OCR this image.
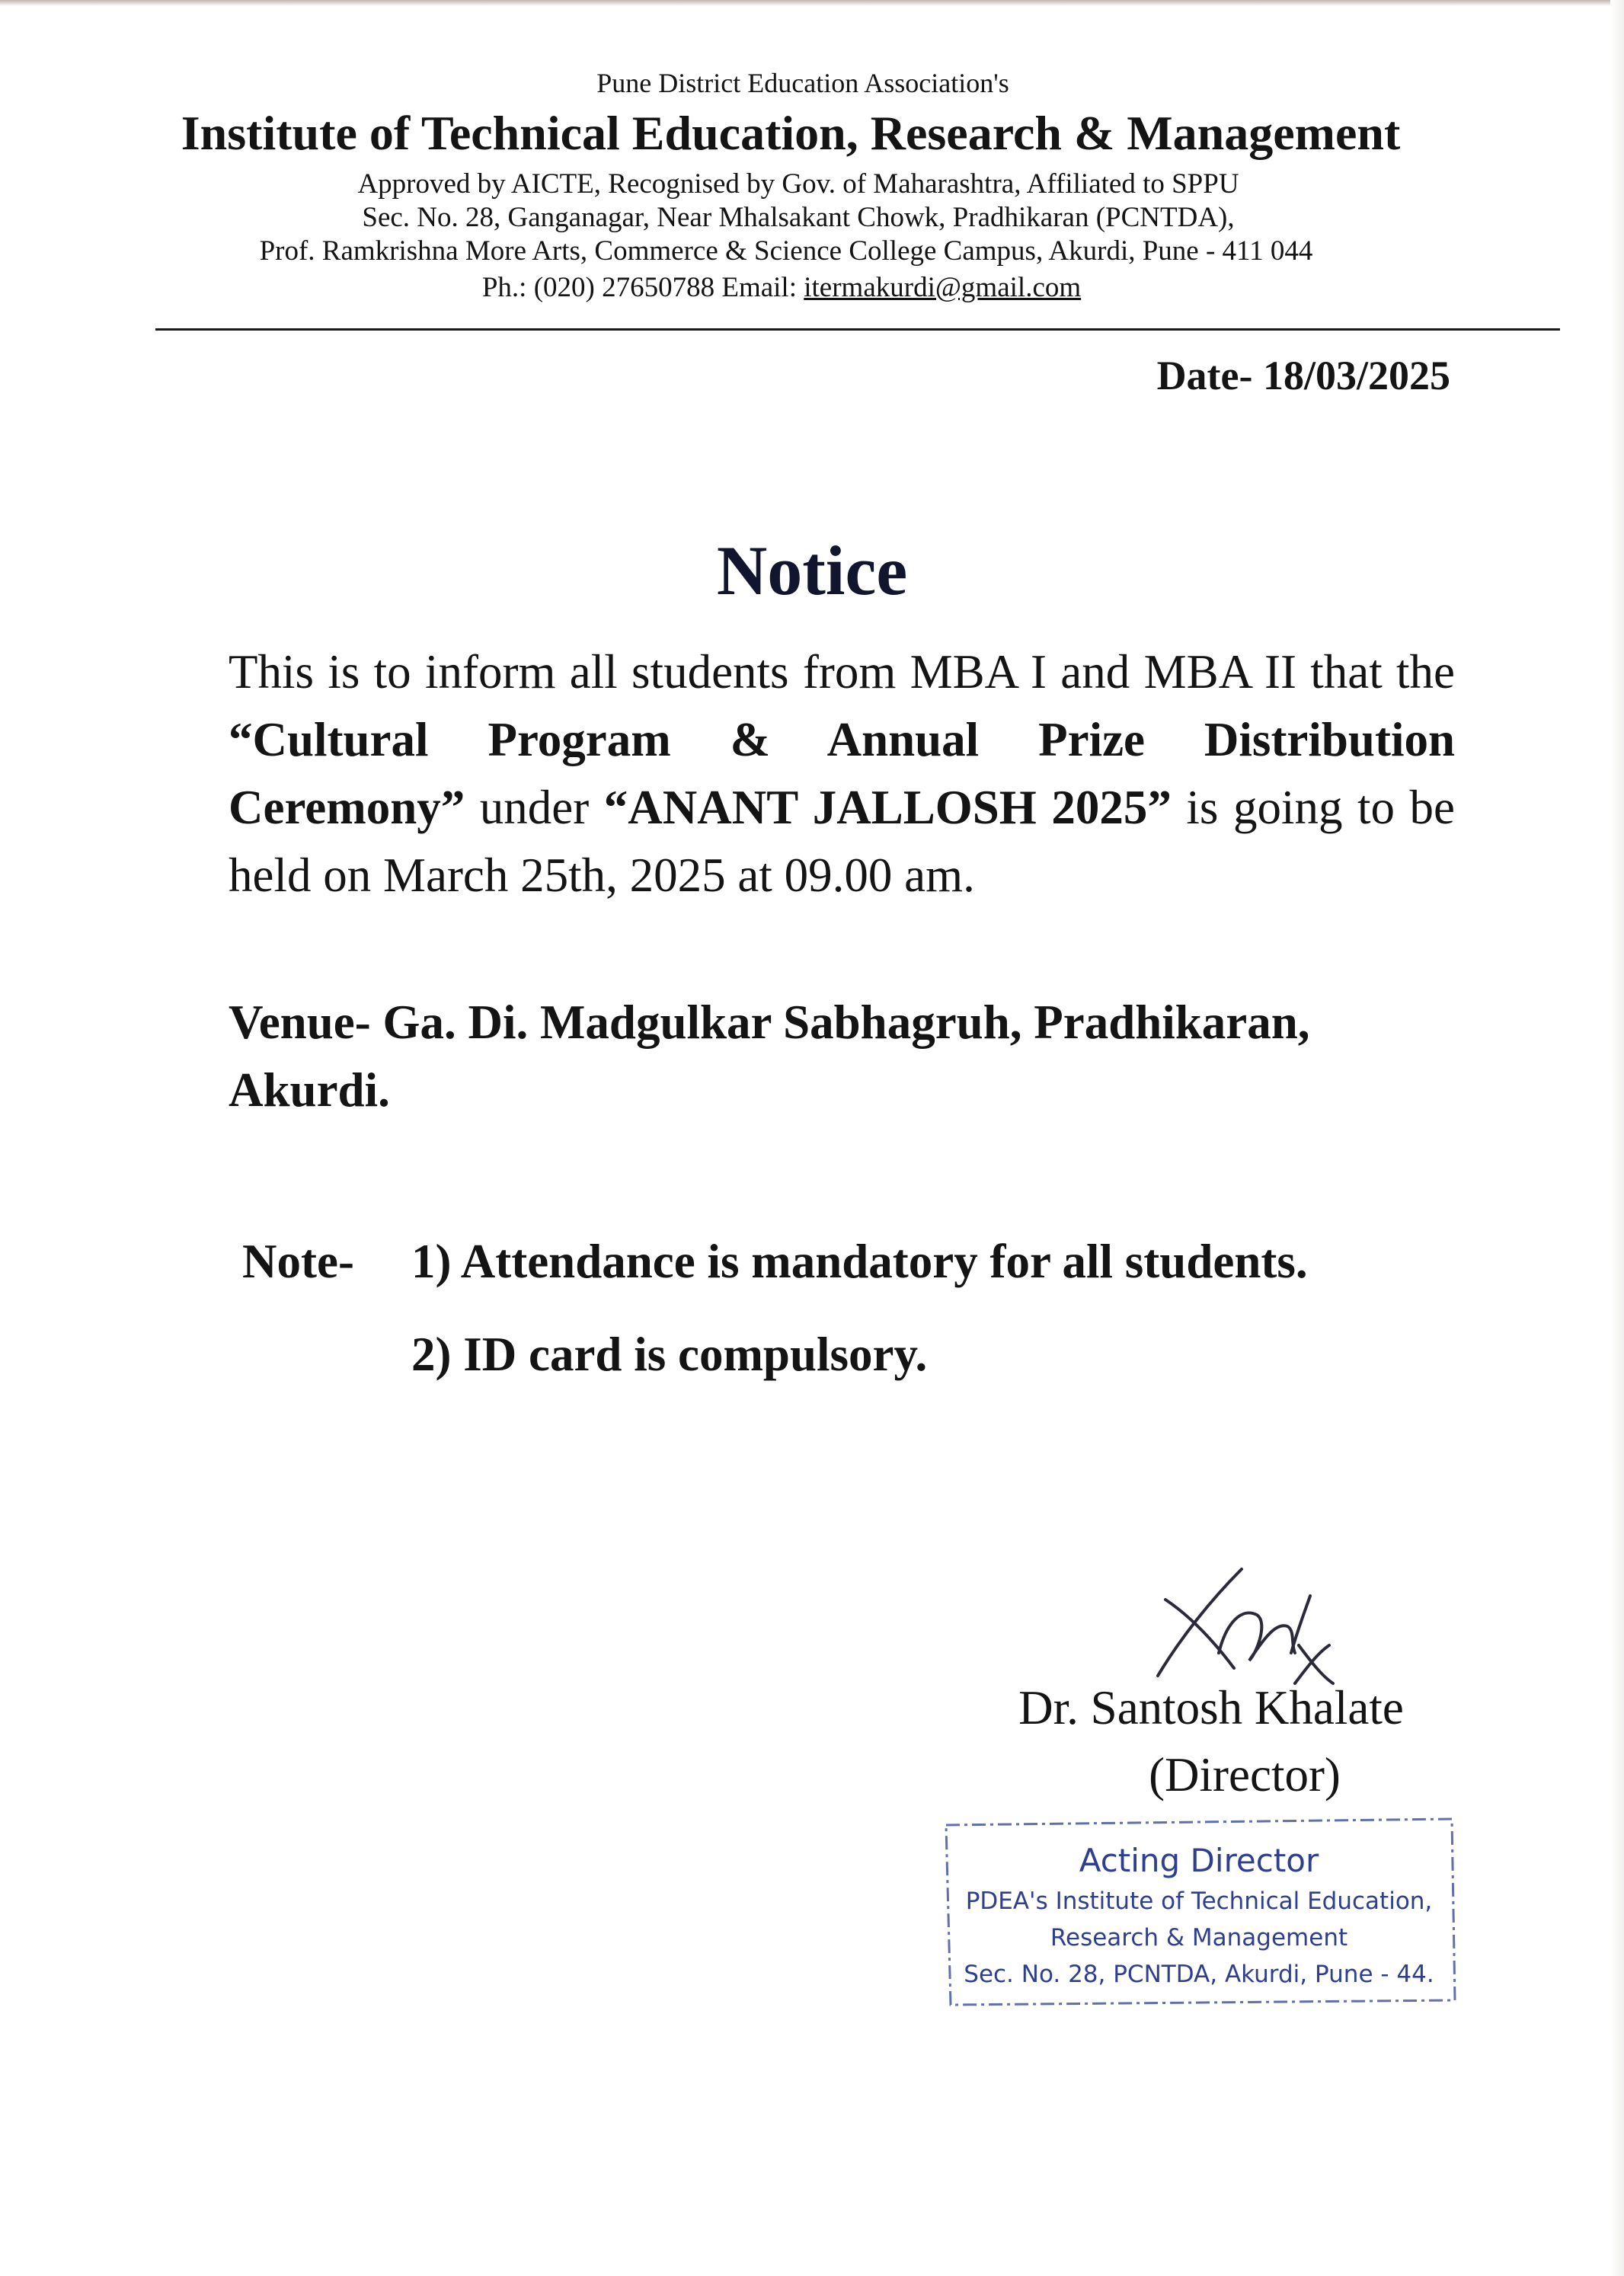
Pune District Education Association's
Institute of Technical Education, Research & Management
Approved by AICTE, Recognised by Gov. of Maharashtra, Affiliated to SPPU
Sec. No. 28, Ganganagar, Near Mhalsakant Chowk, Pradhikaran (PCNTDA),
Prof. Ramkrishna More Arts, Commerce & Science College Campus, Akurdi, Pune - 411 044
Ph.: (020) 27650788 Email: itermakurdi@gmail.com
Date- 18/03/2025
Notice
This is to inform all students from MBA I and MBA II that the “Cultural Program & Annual Prize Distribution Ceremony” under “ANANT JALLOSH 2025” is going to be held on March 25th, 2025 at 09.00 am.
Venue- Ga. Di. Madgulkar Sabhagruh, Pradhikaran, Akurdi.
Note- 1) Attendance is mandatory for all students.
2) ID card is compulsory.
Dr. Santosh Khalate
(Director)
Acting Director
PDEA's Institute of Technical Education,
Research & Management
Sec. No. 28, PCNTDA, Akurdi, Pune - 44.
